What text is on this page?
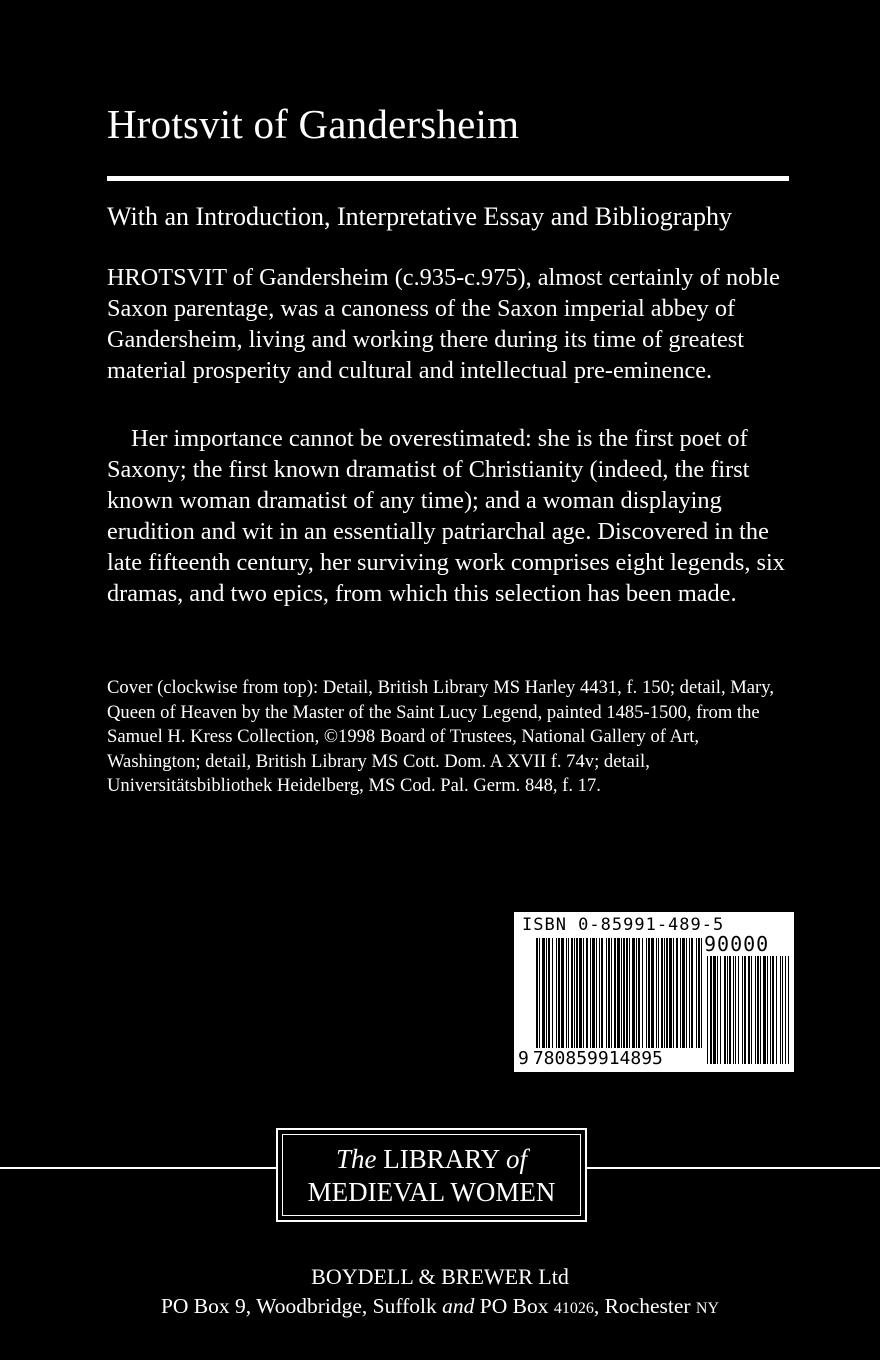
Hrotsvit of Gandersheim
With an Introduction, Interpretative Essay and Bibliography

HROTSVIT of Gandersheim (c.935-c.975), almost certainly of noble Saxon parentage, was a canoness of the Saxon imperial abbey of Gandersheim, living and working there during its time of greatest material prosperity and cultural and intellectual pre-eminence.

Her importance cannot be overestimated: she is the first poet of Saxony; the first known dramatist of Christianity (indeed, the first known woman dramatist of any time); and a woman displaying erudition and wit in an essentially patriarchal age. Discovered in the late fifteenth century, her surviving work comprises eight legends, six dramas, and two epics, from which this selection has been made.

Cover (clockwise from top): Detail, British Library MS Harley 4431, f. 150; detail, Mary, Queen of Heaven by the Master of the Saint Lucy Legend, painted 1485-1500, from the Samuel H. Kress Collection, ©1998 Board of Trustees, National Gallery of Art, Washington; detail, British Library MS Cott. Dom. A XVII f. 74v; detail, Universitätsbibliothek Heidelberg, MS Cod. Pal. Germ. 848, f. 17.

ISBN 0-85991-489-5
90000
9 780859914895
The LIBRARY of
MEDIEVAL WOMEN
BOYDELL & BREWER Ltd
PO Box 9, Woodbridge, Suffolk and PO Box 41026, Rochester NY
